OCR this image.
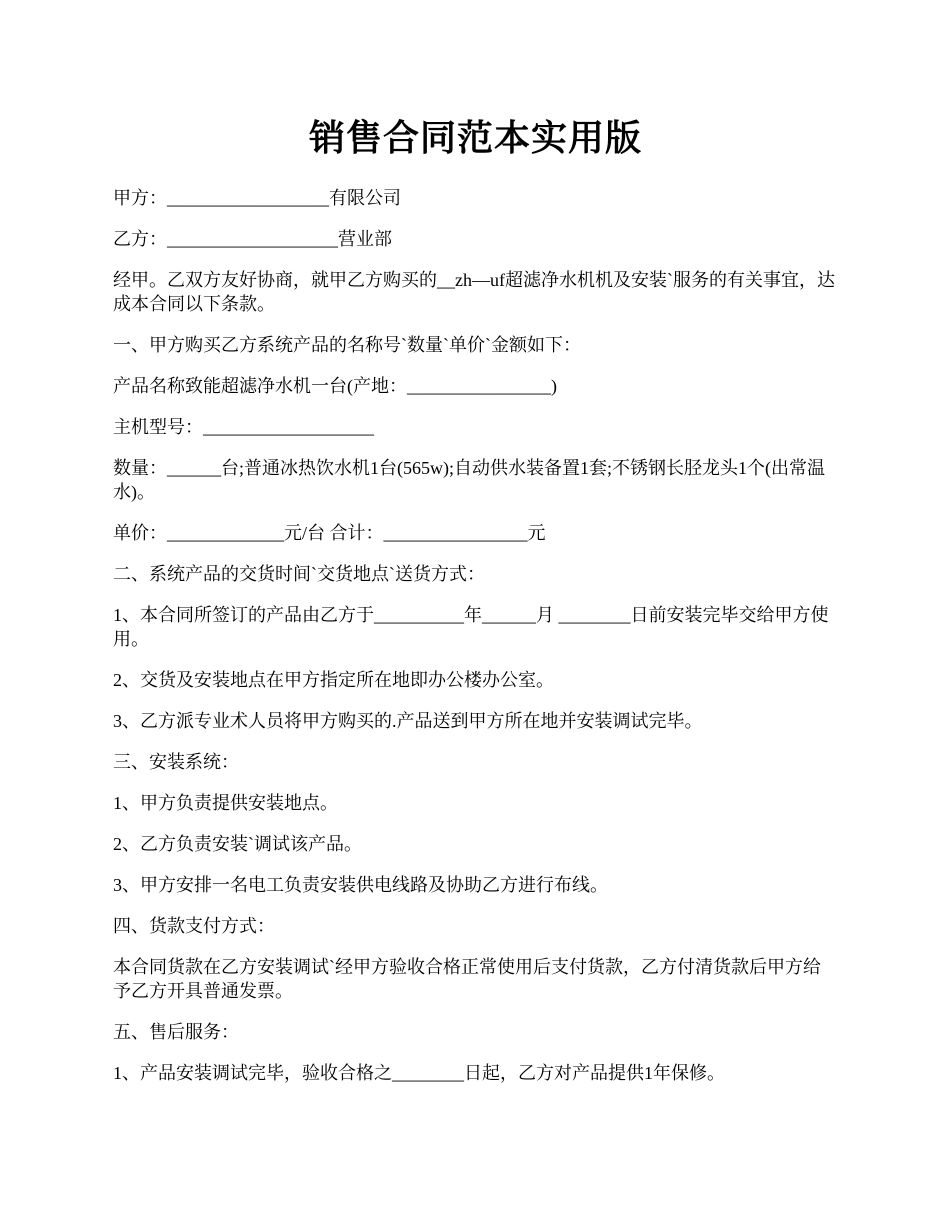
销售合同范本实用版

甲方：__________________有限公司

乙方：___________________营业部

经甲。乙双方友好协商，就甲乙方购买的__zh—uf超滤净水机机及安装`服务的有关事宜，达成本合同以下条款。

一、甲方购买乙方系统产品的名称号`数量`单价`金额如下：

产品名称致能超滤净水机一台(产地：________________)

主机型号：___________________

数量：______台;普通冰热饮水机1台(565w);自动供水装备置1套;不锈钢长胫龙头1个(出常温水)。

单价：_____________元/台 合计：________________元

二、系统产品的交货时间`交货地点`送货方式：

1、本合同所签订的产品由乙方于__________年______月 ________日前安装完毕交给甲方使用。

2、交货及安装地点在甲方指定所在地即办公楼办公室。

3、乙方派专业术人员将甲方购买的.产品送到甲方所在地并安装调试完毕。

三、安装系统：

1、甲方负责提供安装地点。

2、乙方负责安装`调试该产品。

3、甲方安排一名电工负责安装供电线路及协助乙方进行布线。

四、货款支付方式：

本合同货款在乙方安装调试`经甲方验收合格正常使用后支付货款，乙方付清货款后甲方给予乙方开具普通发票。

五、售后服务：

1、产品安装调试完毕，验收合格之________日起，乙方对产品提供1年保修。
